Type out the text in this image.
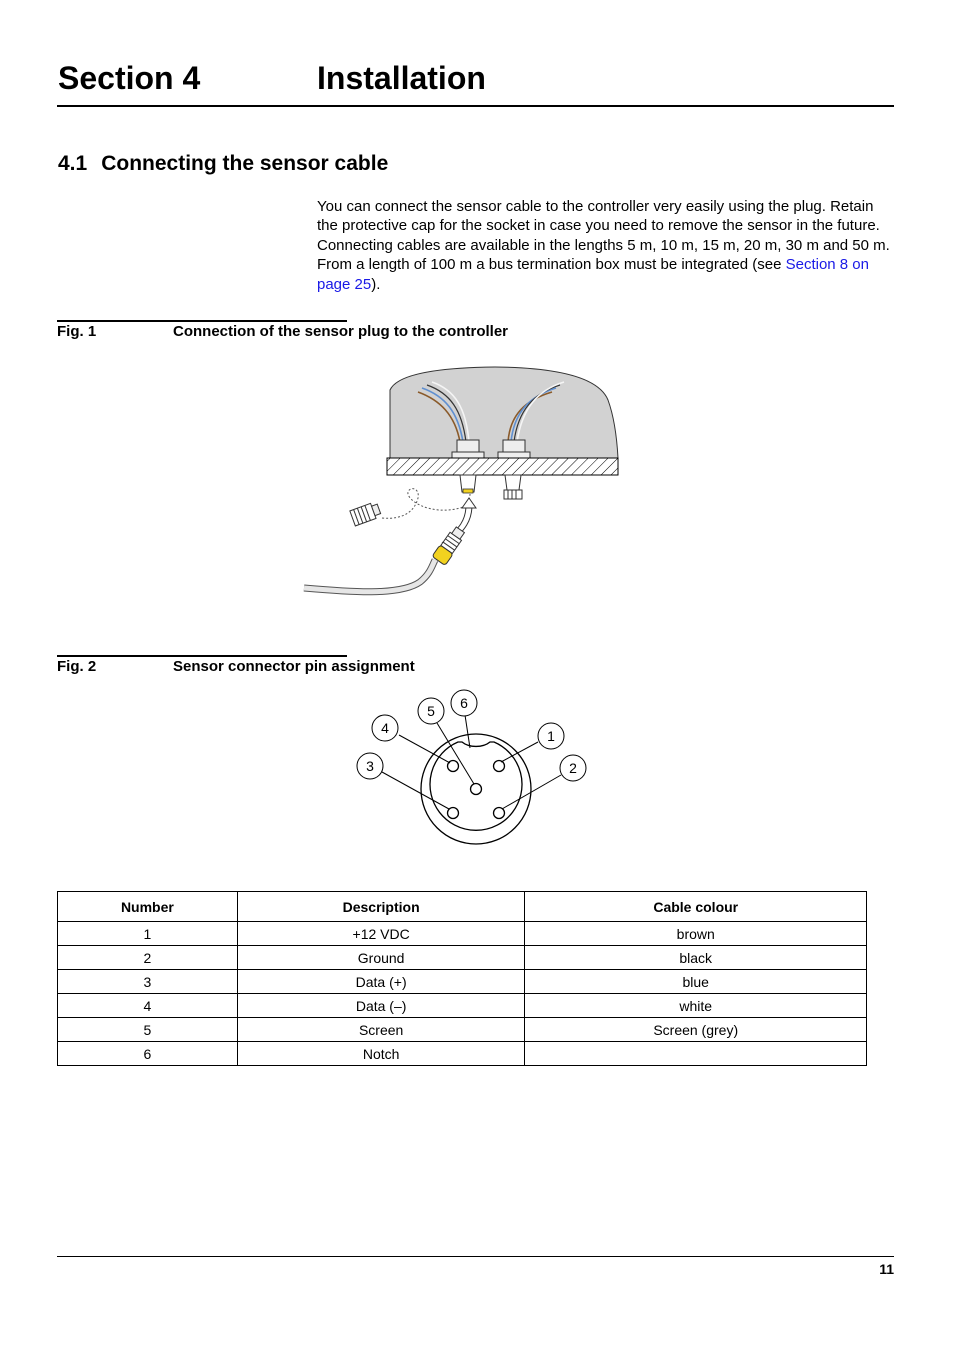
Section 4	Installation
4.1 Connecting the sensor cable
You can connect the sensor cable to the controller very easily using the plug. Retain the protective cap for the socket in case you need to remove the sensor in the future. Connecting cables are available in the lengths 5 m, 10 m, 15 m, 20 m, 30 m and 50 m. From a length of 100 m a bus termination box must be integrated (see Section 8 on page 25).
Fig. 1	Connection of the sensor plug to the controller
Fig. 2	Sensor connector pin assignment
1
2
3
4
5 6
Number	Description	Cable colour
1	+12 VDC	brown
2	Ground	black
3	Data (+)	blue
4	Data (–)	white
5	Screen	Screen (grey)
6	Notch	
11
